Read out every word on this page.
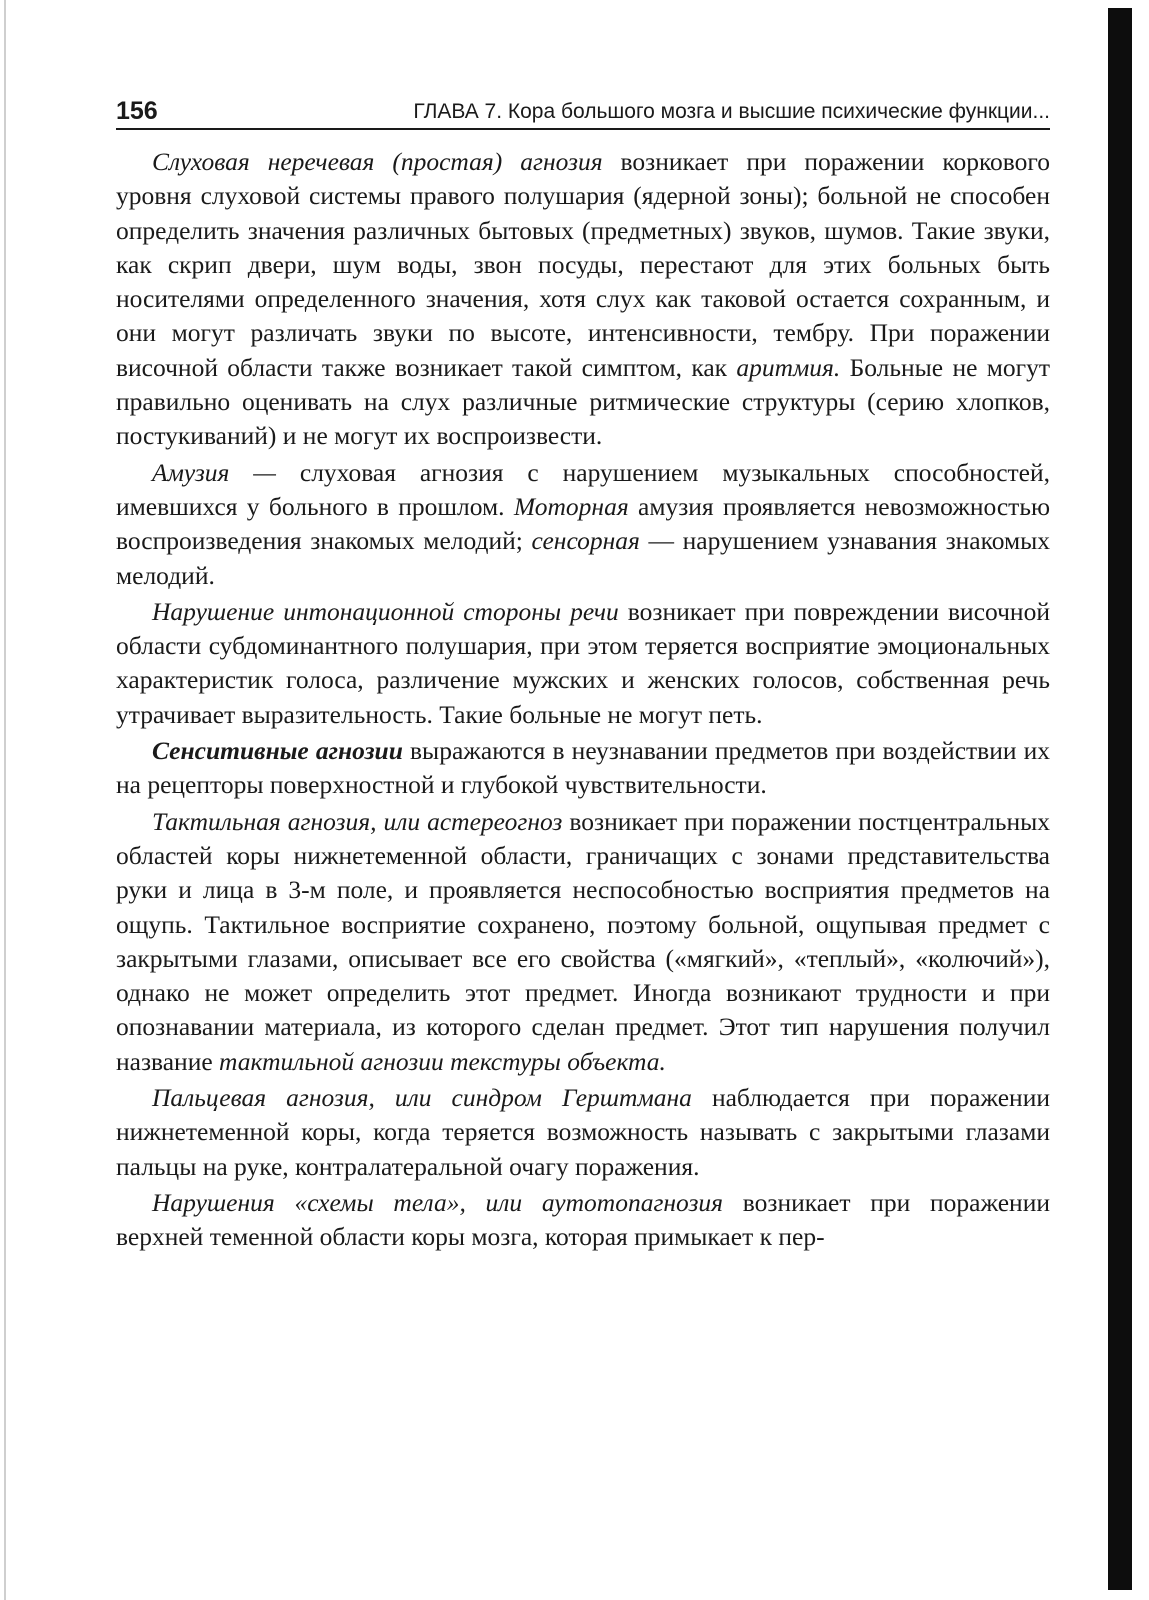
156	ГЛАВА 7. Кора большого мозга и высшие психические функции...

Слуховая неречевая (простая) агнозия возникает при поражении коркового уровня слуховой системы правого полушария (ядерной зоны); больной не способен определить значения различных бытовых (предметных) звуков, шумов. Такие звуки, как скрип двери, шум воды, звон посуды, перестают для этих больных быть носителями определенного значения, хотя слух как таковой остается сохранным, и они могут различать звуки по высоте, интенсивности, тембру. При поражении височной области также возникает такой симптом, как аритмия. Больные не могут правильно оценивать на слух различные ритмические структуры (серию хлопков, постукиваний) и не могут их воспроизвести.

Амузия — слуховая агнозия с нарушением музыкальных способностей, имевшихся у больного в прошлом. Моторная амузия проявляется невозможностью воспроизведения знакомых мелодий; сенсорная — нарушением узнавания знакомых мелодий.

Нарушение интонационной стороны речи возникает при повреждении височной области субдоминантного полушария, при этом теряется восприятие эмоциональных характеристик голоса, различение мужских и женских голосов, собственная речь утрачивает выразительность. Такие больные не могут петь.

Сенситивные агнозии выражаются в неузнавании предметов при воздействии их на рецепторы поверхностной и глубокой чувствительности.

Тактильная агнозия, или астереогноз возникает при поражении постцентральных областей коры нижнетеменной области, граничащих с зонами представительства руки и лица в 3-м поле, и проявляется неспособностью восприятия предметов на ощупь. Тактильное восприятие сохранено, поэтому больной, ощупывая предмет с закрытыми глазами, описывает все его свойства («мягкий», «теплый», «колючий»), однако не может определить этот предмет. Иногда возникают трудности и при опознавании материала, из которого сделан предмет. Этот тип нарушения получил название тактильной агнозии текстуры объекта.

Пальцевая агнозия, или синдром Герштмана наблюдается при поражении нижнетеменной коры, когда теряется возможность называть с закрытыми глазами пальцы на руке, контралатеральной очагу поражения.

Нарушения «схемы тела», или аутотопагнозия возникает при поражении верхней теменной области коры мозга, которая примыкает к пер-
